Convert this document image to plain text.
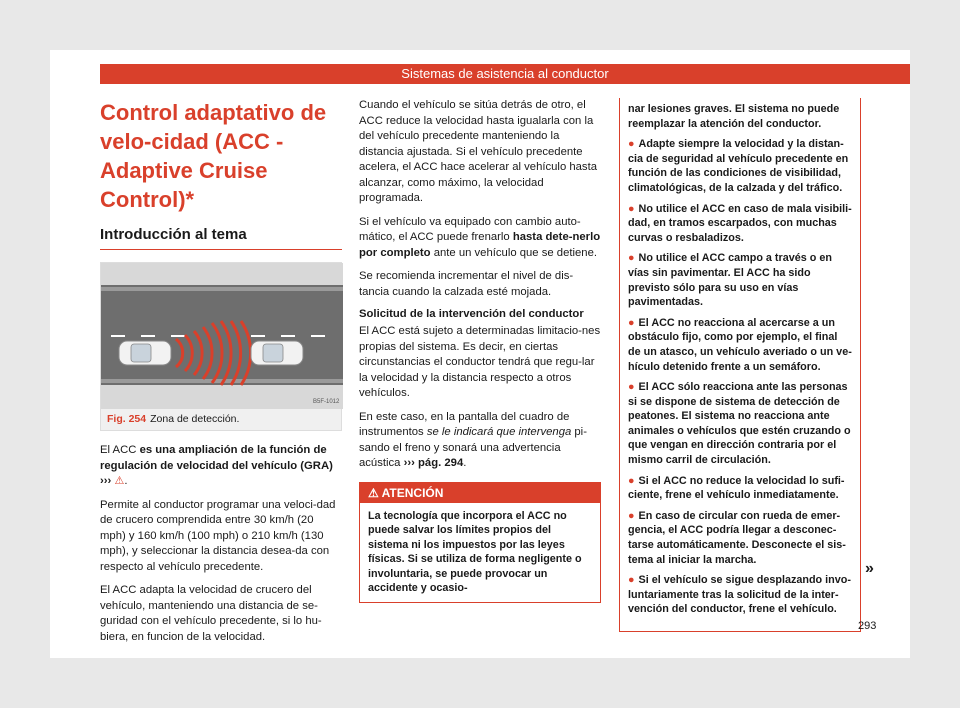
Sistemas de asistencia al conductor
Control adaptativo de velo-cidad (ACC - Adaptive Cruise Control)*
Introducción al tema
B5F-1012
Fig. 254 Zona de detección.

El ACC es una ampliación de la función de regulación de velocidad del vehículo (GRA) ››› ⚠.

Permite al conductor programar una veloci-dad de crucero comprendida entre 30 km/h (20 mph) y 160 km/h (100 mph) o 210 km/h (130 mph), y seleccionar la distancia desea-da con respecto al vehículo precedente.

El ACC adapta la velocidad de crucero del vehículo, manteniendo una distancia de se-guridad con el vehículo precedente, si lo hu-biera, en funcion de la velocidad.

Cuando el vehículo se sitúa detrás de otro, el ACC reduce la velocidad hasta igualarla con la del vehículo precedente manteniendo la distancia ajustada. Si el vehículo precedente acelera, el ACC hace acelerar al vehículo hasta alcanzar, como máximo, la velocidad programada.

Si el vehículo va equipado con cambio auto-mático, el ACC puede frenarlo hasta dete-nerlo por completo ante un vehículo que se detiene.

Se recomienda incrementar el nivel de dis-tancia cuando la calzada esté mojada.

Solicitud de la intervención del conductor

El ACC está sujeto a determinadas limitacio-nes propias del sistema. Es decir, en ciertas circunstancias el conductor tendrá que regu-lar la velocidad y la distancia respecto a otros vehículos.

En este caso, en la pantalla del cuadro de instrumentos se le indicará que intervenga pi-sando el freno y sonará una advertencia acústica ››› pág. 294.

⚠ ATENCIÓN
La tecnología que incorpora el ACC no puede salvar los límites propios del sistema ni los impuestos por las leyes físicas. Si se utiliza de forma negligente o involuntaria, se puede provocar un accidente y ocasio-
nar lesiones graves. El sistema no puede reemplazar la atención del conductor.
● Adapte siempre la velocidad y la distan-cia de seguridad al vehículo precedente en función de las condiciones de visibilidad, climatológicas, de la calzada y del tráfico.
● No utilice el ACC en caso de mala visibili-dad, en tramos escarpados, con muchas curvas o resbaladizos.
● No utilice el ACC campo a través o en vías sin pavimentar. El ACC ha sido previsto sólo para su uso en vías pavimentadas.
● El ACC no reacciona al acercarse a un obstáculo fijo, como por ejemplo, el final de un atasco, un vehículo averiado o un ve-hículo detenido frente a un semáforo.
● El ACC sólo reacciona ante las personas si se dispone de sistema de detección de peatones. El sistema no reacciona ante animales o vehículos que estén cruzando o que vengan en dirección contraria por el mismo carril de circulación.
● Si el ACC no reduce la velocidad lo sufi-ciente, frene el vehículo inmediatamente.
● En caso de circular con rueda de emer-gencia, el ACC podría llegar a desconec-tarse automáticamente. Desconecte el sis-tema al iniciar la marcha.
● Si el vehículo se sigue desplazando invo-luntariamente tras la solicitud de la inter-vención del conductor, frene el vehículo.
»
293
